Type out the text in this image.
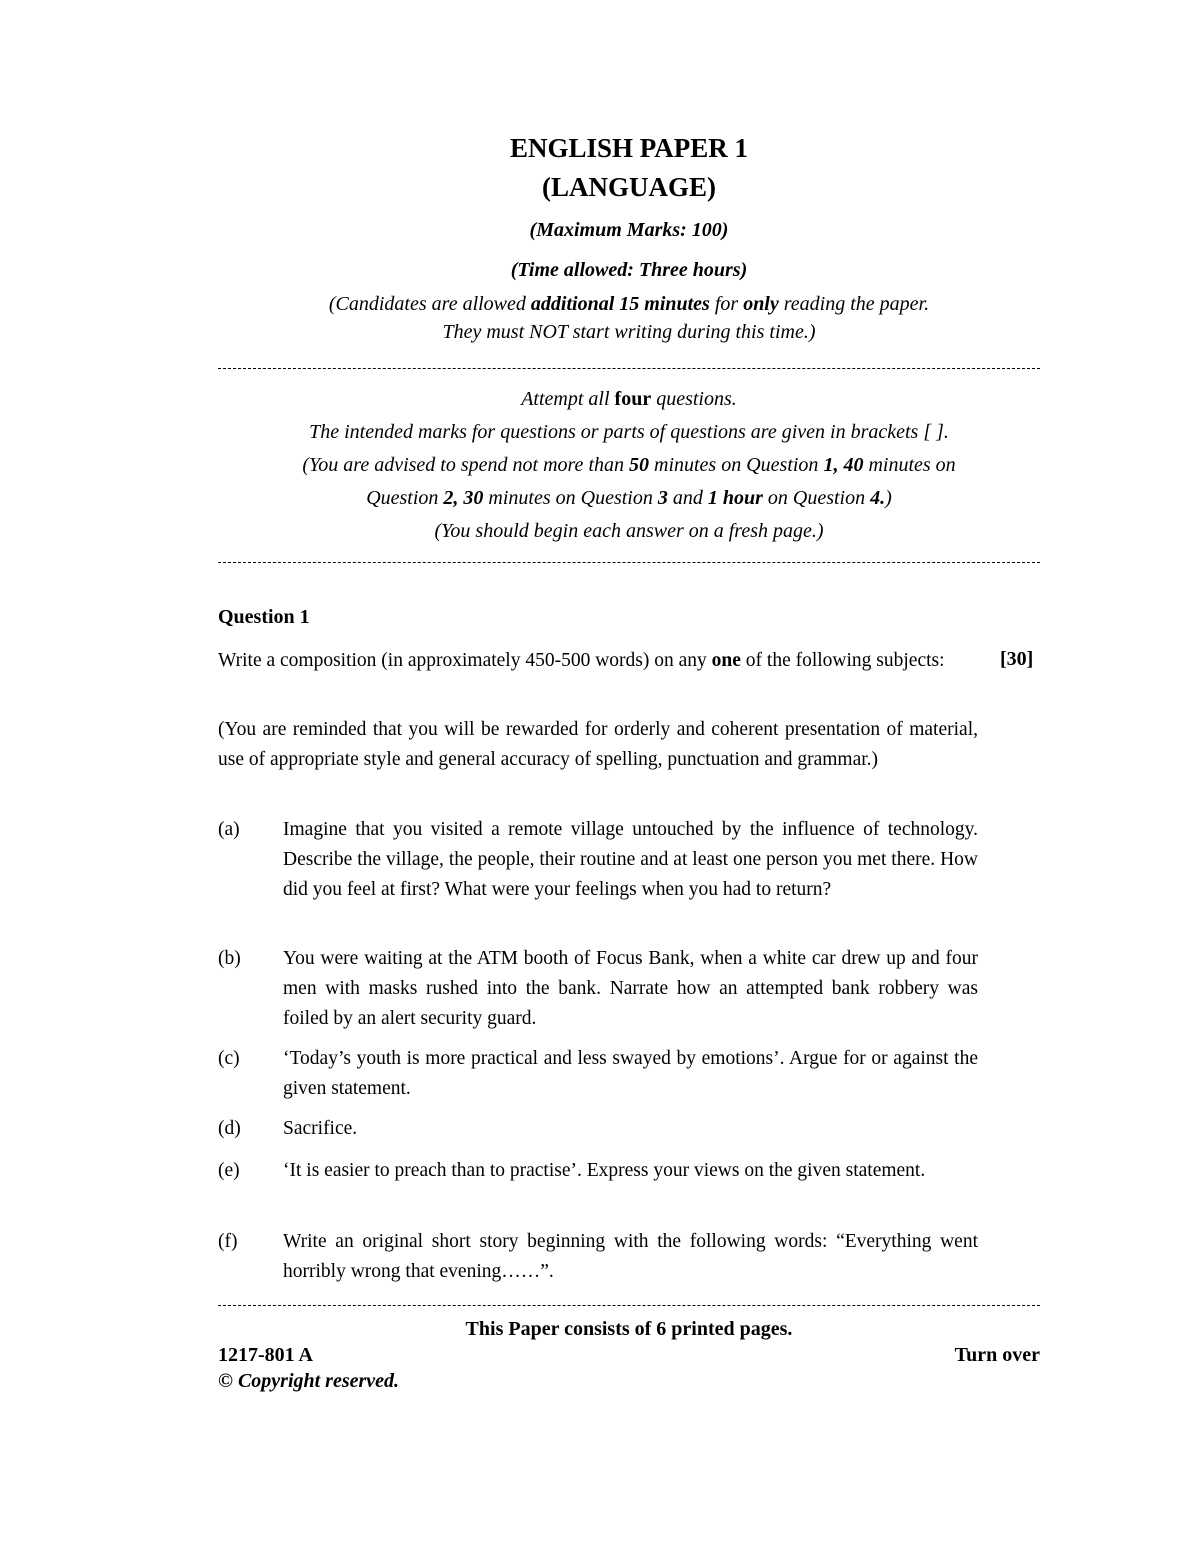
ENGLISH PAPER 1
(LANGUAGE)
(Maximum Marks: 100)
(Time allowed: Three hours)
(Candidates are allowed additional 15 minutes for only reading the paper.
They must NOT start writing during this time.)
Attempt all four questions.
The intended marks for questions or parts of questions are given in brackets [ ].
(You are advised to spend not more than 50 minutes on Question 1, 40 minutes on
Question 2, 30 minutes on Question 3 and 1 hour on Question 4.)
(You should begin each answer on a fresh page.)
Question 1
Write a composition (in approximately 450-500 words) on any one of the following subjects:	[30]
(You are reminded that you will be rewarded for orderly and coherent presentation of material, use of appropriate style and general accuracy of spelling, punctuation and grammar.)
(a) Imagine that you visited a remote village untouched by the influence of technology. Describe the village, the people, their routine and at least one person you met there. How did you feel at first? What were your feelings when you had to return?
(b) You were waiting at the ATM booth of Focus Bank, when a white car drew up and four men with masks rushed into the bank. Narrate how an attempted bank robbery was foiled by an alert security guard.
(c) ‘Today’s youth is more practical and less swayed by emotions’. Argue for or against the given statement.
(d) Sacrifice.
(e) ‘It is easier to preach than to practise’. Express your views on the given statement.
(f) Write an original short story beginning with the following words: “Everything went horribly wrong that evening……”.
This Paper consists of 6 printed pages.
1217-801 A	Turn over
© Copyright reserved.
